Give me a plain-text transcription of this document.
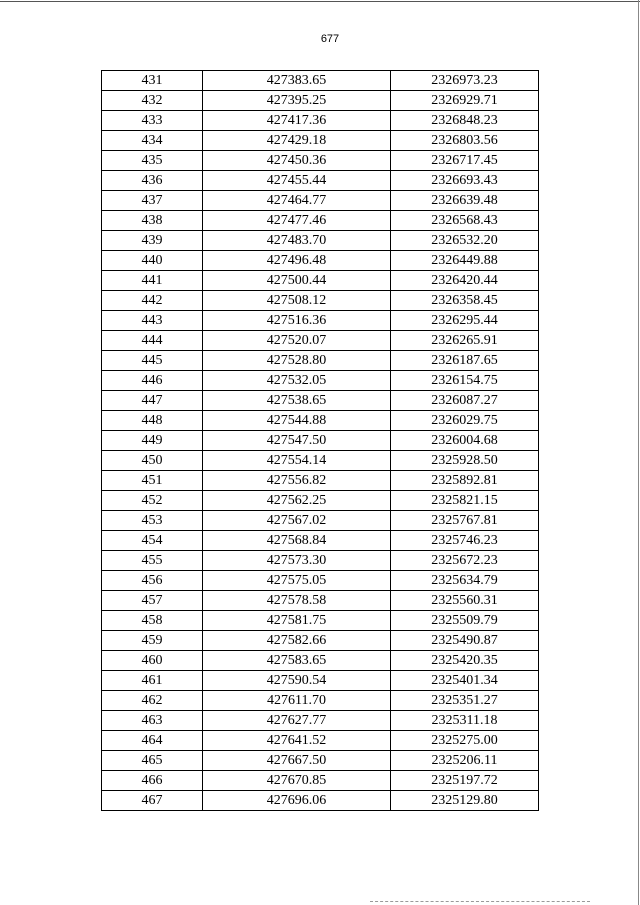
677
431	427383.65	2326973.23
432	427395.25	2326929.71
433	427417.36	2326848.23
434	427429.18	2326803.56
435	427450.36	2326717.45
436	427455.44	2326693.43
437	427464.77	2326639.48
438	427477.46	2326568.43
439	427483.70	2326532.20
440	427496.48	2326449.88
441	427500.44	2326420.44
442	427508.12	2326358.45
443	427516.36	2326295.44
444	427520.07	2326265.91
445	427528.80	2326187.65
446	427532.05	2326154.75
447	427538.65	2326087.27
448	427544.88	2326029.75
449	427547.50	2326004.68
450	427554.14	2325928.50
451	427556.82	2325892.81
452	427562.25	2325821.15
453	427567.02	2325767.81
454	427568.84	2325746.23
455	427573.30	2325672.23
456	427575.05	2325634.79
457	427578.58	2325560.31
458	427581.75	2325509.79
459	427582.66	2325490.87
460	427583.65	2325420.35
461	427590.54	2325401.34
462	427611.70	2325351.27
463	427627.77	2325311.18
464	427641.52	2325275.00
465	427667.50	2325206.11
466	427670.85	2325197.72
467	427696.06	2325129.80
